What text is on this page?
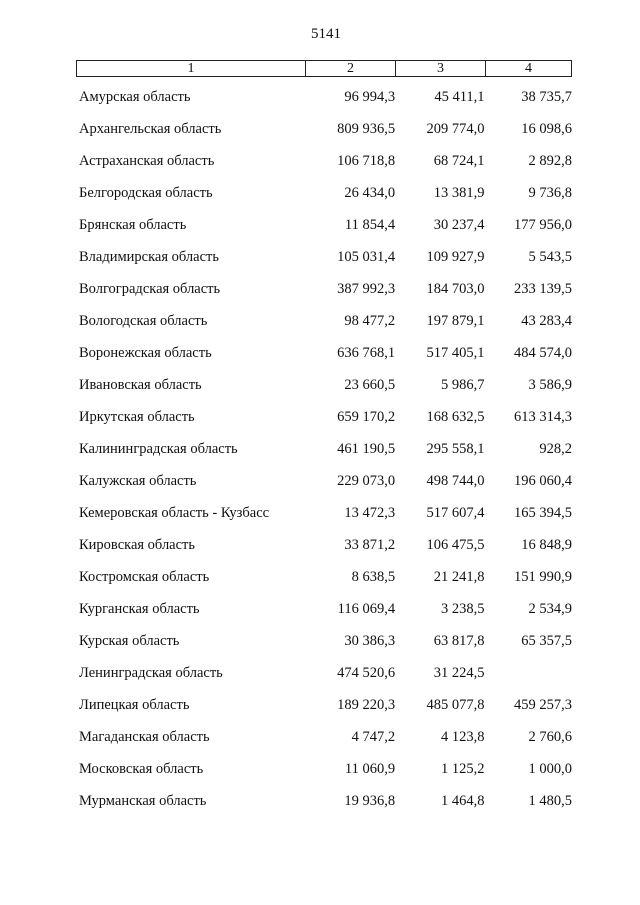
5141
1	2	3	4
Амурская область	96 994,3	45 411,1	38 735,7
Архангельская область	809 936,5	209 774,0	16 098,6
Астраханская область	106 718,8	68 724,1	2 892,8
Белгородская область	26 434,0	13 381,9	9 736,8
Брянская область	11 854,4	30 237,4	177 956,0
Владимирская область	105 031,4	109 927,9	5 543,5
Волгоградская область	387 992,3	184 703,0	233 139,5
Вологодская область	98 477,2	197 879,1	43 283,4
Воронежская область	636 768,1	517 405,1	484 574,0
Ивановская область	23 660,5	5 986,7	3 586,9
Иркутская область	659 170,2	168 632,5	613 314,3
Калининградская область	461 190,5	295 558,1	928,2
Калужская область	229 073,0	498 744,0	196 060,4
Кемеровская область - Кузбасс	13 472,3	517 607,4	165 394,5
Кировская область	33 871,2	106 475,5	16 848,9
Костромская область	8 638,5	21 241,8	151 990,9
Курганская область	116 069,4	3 238,5	2 534,9
Курская область	30 386,3	63 817,8	65 357,5
Ленинградская область	474 520,6	31 224,5
Липецкая область	189 220,3	485 077,8	459 257,3
Магаданская область	4 747,2	4 123,8	2 760,6
Московская область	11 060,9	1 125,2	1 000,0
Мурманская область	19 936,8	1 464,8	1 480,5
